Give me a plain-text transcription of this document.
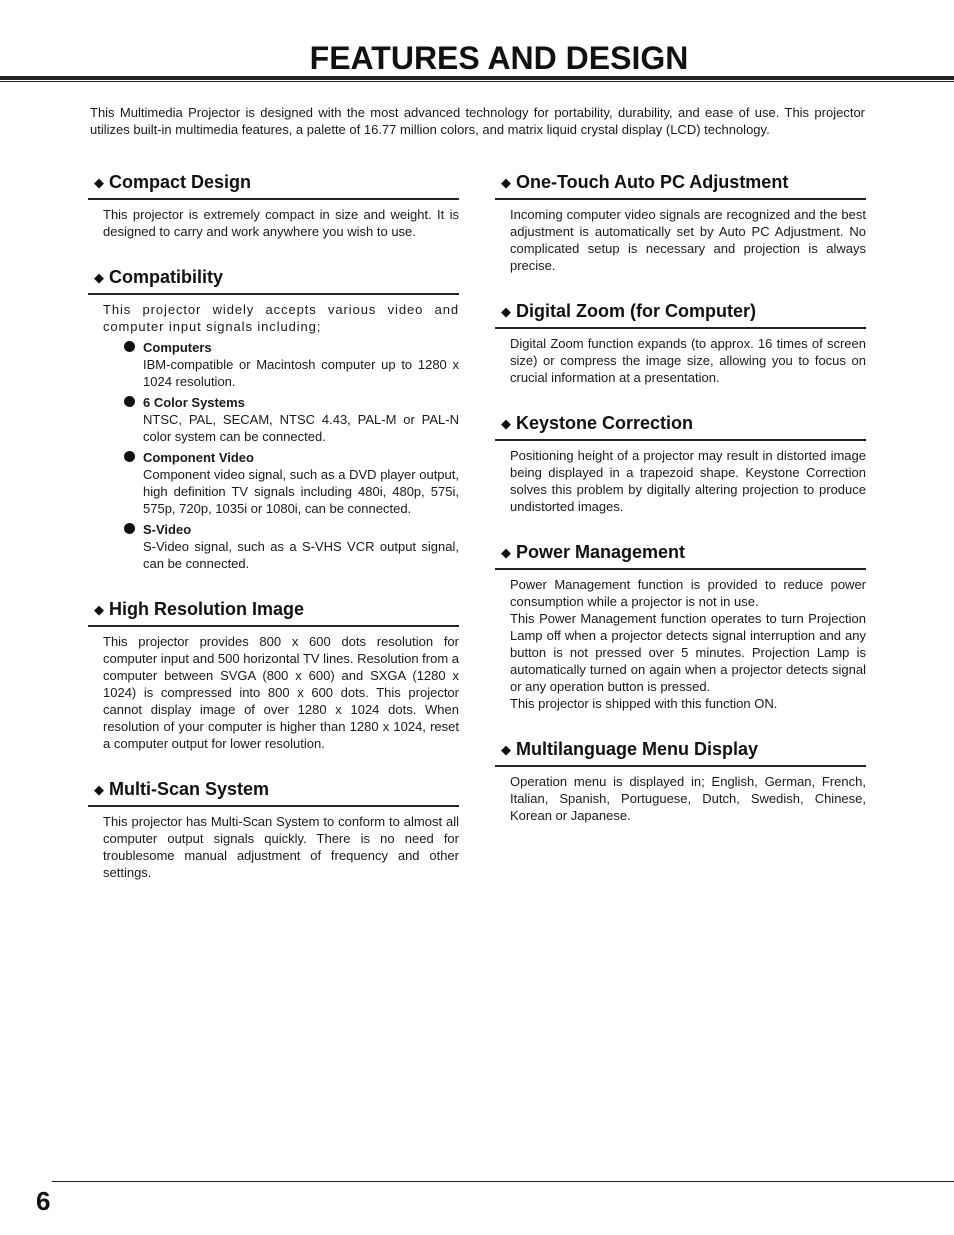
FEATURES AND DESIGN

This Multimedia Projector is designed with the most advanced technology for portability, durability, and ease of use. This projector utilizes built-in multimedia features, a palette of 16.77 million colors, and matrix liquid crystal display (LCD) technology.

◆ Compact Design

This projector is extremely compact in size and weight. It is designed to carry and work anywhere you wish to use.

◆ Compatibility

This projector widely accepts various video and computer input signals including;

Computers

IBM-compatible or Macintosh computer up to 1280 x 1024 resolution.

6 Color Systems

NTSC, PAL, SECAM, NTSC 4.43, PAL-M or PAL-N color system can be connected.

Component Video

Component video signal, such as a DVD player output, high definition TV signals including 480i, 480p, 575i, 575p, 720p, 1035i or 1080i, can be connected.

S-Video

S-Video signal, such as a S-VHS VCR output signal, can be connected.

◆ High Resolution Image

This projector provides 800 x 600 dots resolution for computer input and 500 horizontal TV lines. Resolution from a computer between SVGA (800 x 600) and SXGA (1280 x 1024) is compressed into 800 x 600 dots. This projector cannot display image of over 1280 x 1024 dots. When resolution of your computer is higher than 1280 x 1024, reset a computer output for lower resolution.

◆ Multi-Scan System

This projector has Multi-Scan System to conform to almost all computer output signals quickly. There is no need for troublesome manual adjustment of frequency and other settings.

◆ One-Touch Auto PC Adjustment

Incoming computer video signals are recognized and the best adjustment is automatically set by Auto PC Adjustment. No complicated setup is necessary and projection is always precise.

◆ Digital Zoom (for Computer)

Digital Zoom function expands (to approx. 16 times of screen size) or compress the image size, allowing you to focus on crucial information at a presentation.

◆ Keystone Correction

Positioning height of a projector may result in distorted image being displayed in a trapezoid shape. Keystone Correction solves this problem by digitally altering projection to produce undistorted images.

◆ Power Management

Power Management function is provided to reduce power consumption while a projector is not in use.

This Power Management function operates to turn Projection Lamp off when a projector detects signal interruption and any button is not pressed over 5 minutes. Projection Lamp is automatically turned on again when a projector detects signal or any operation button is pressed.

This projector is shipped with this function ON.

◆ Multilanguage Menu Display

Operation menu is displayed in; English, German, French, Italian, Spanish, Portuguese, Dutch, Swedish, Chinese, Korean or Japanese.

6
